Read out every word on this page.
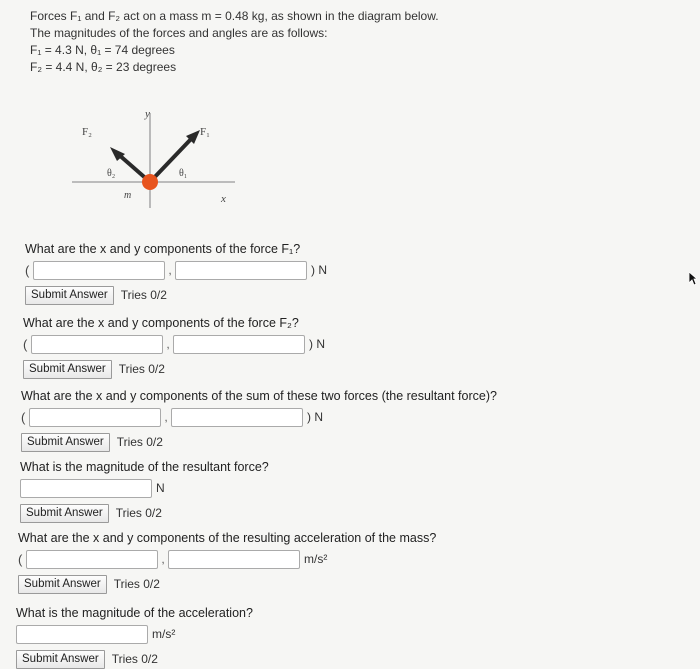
Forces F₁ and F₂ act on a mass m = 0.48 kg, as shown in the diagram below.
The magnitudes of the forces and angles are as follows:
F₁ = 4.3 N, θ₁ = 74 degrees
F₂ = 4.4 N, θ₂ = 23 degrees
y
x
F₁
F₂
θ₁
θ₂
m
What are the x and y components of the force F₁?
(	,	) N
Submit Answer	Tries 0/2
What are the x and y components of the force F₂?
(	,	) N
Submit Answer	Tries 0/2
What are the x and y components of the sum of these two forces (the resultant force)?
(	,	) N
Submit Answer	Tries 0/2
What is the magnitude of the resultant force?
N
Submit Answer	Tries 0/2
What are the x and y components of the resulting acceleration of the mass?
(	,	m/s²
Submit Answer	Tries 0/2
What is the magnitude of the acceleration?
m/s²
Submit Answer	Tries 0/2
